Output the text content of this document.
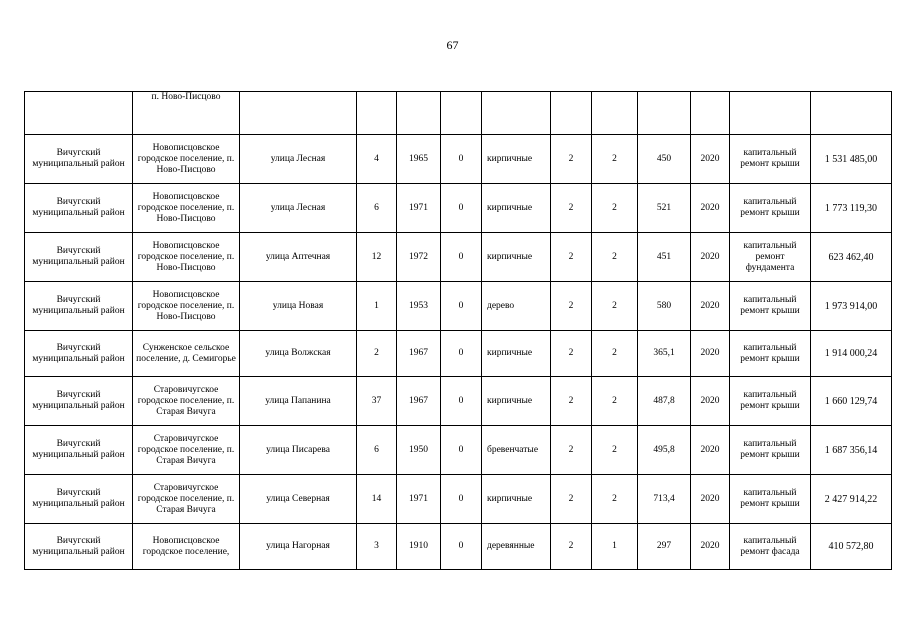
67
	п. Ново-Писцово											
Вичугский муниципальный район	Новописцовское городское поселение, п. Ново-Писцово	улица Лесная	4	1965	0	кирпичные	2	2	450	2020	капитальный ремонт крыши	1 531 485,00
Вичугский муниципальный район	Новописцовское городское поселение, п. Ново-Писцово	улица Лесная	6	1971	0	кирпичные	2	2	521	2020	капитальный ремонт крыши	1 773 119,30
Вичугский муниципальный район	Новописцовское городское поселение, п. Ново-Писцово	улица Аптечная	12	1972	0	кирпичные	2	2	451	2020	капитальный ремонт фундамента	623 462,40
Вичугский муниципальный район	Новописцовское городское поселение, п. Ново-Писцово	улица Новая	1	1953	0	дерево	2	2	580	2020	капитальный ремонт крыши	1 973 914,00
Вичугский муниципальный район	Сунженское сельское поселение, д. Семигорье	улица Волжская	2	1967	0	кирпичные	2	2	365,1	2020	капитальный ремонт крыши	1 914 000,24
Вичугский муниципальный район	Старовичугское городское поселение, п. Старая Вичуга	улица Папанина	37	1967	0	кирпичные	2	2	487,8	2020	капитальный ремонт крыши	1 660 129,74
Вичугский муниципальный район	Старовичугское городское поселение, п. Старая Вичуга	улица Писарева	6	1950	0	бревенчатые	2	2	495,8	2020	капитальный ремонт крыши	1 687 356,14
Вичугский муниципальный район	Старовичугское городское поселение, п. Старая Вичуга	улица Северная	14	1971	0	кирпичные	2	2	713,4	2020	капитальный ремонт крыши	2 427 914,22
Вичугский муниципальный район	Новописцовское городское поселение,	улица Нагорная	3	1910	0	деревянные	2	1	297	2020	капитальный ремонт фасада	410 572,80
